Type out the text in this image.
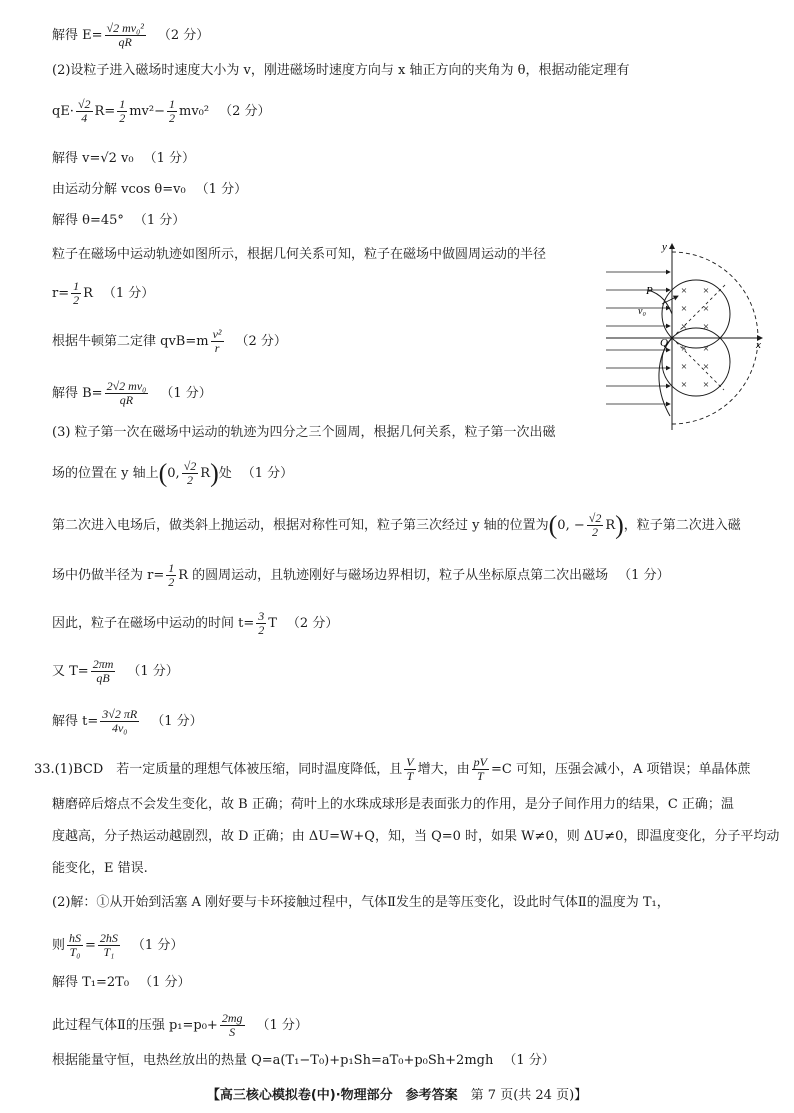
解得 $E= \frac{\text{√2 mv₀²}}{qR} (2$ 分）
(2)设粒子进入磁场时速度大小为 v，刚进磁场时速度方向与 x 轴正方向的夹角为 θ，根据动能定理有
$qE\cdot \frac{√2}{4} R= \frac{1}{2} mv^2- \frac{1}{2} mv_0^2$ （2 分）
解得 v=√2 v₀ （1 分）
由运动分解 vcos θ=v₀ （1 分）
解得 θ=45° （1 分）
粒子在磁场中运动轨迹如图所示，根据几何关系可知，粒子在磁场中做圆周运动的半径
$r= \frac{1}{2}$ R （1 分）
根据牛顿第二定律 $qvB=m \frac{\text{v²}}{r} (2$ 分）
解得 $B= \frac{\text{2√2 mv₀}}{qR} (1$ 分）
(3) 粒子第一次在磁场中运动的轨迹为四分之三个圆周，根据几何关系，粒子第一次出磁
场的位置在 y 轴上(0, $\frac{√2}{2} R$)处 （1 分）
第二次进入电场后，做类斜上抛运动，根据对称性可知，粒子第三次经过 y 轴的位置为(0, − $\frac{√2}{2} R$)，粒子第二次进入磁
场中仍做半径为 $r= \frac{1}{2}$ R 的圆周运动，且轨迹刚好与磁场边界相切，粒子从坐标原点第二次出磁场 （1 分）
因此，粒子在磁场中运动的时间 $t= \frac{3}{2}$ T （2 分）
又 $T= \frac{2\pi m}{qB} (1$ 分）
解得 $t= \frac{3√2 \pi R}{\text{4v₀}} (1$ 分）
33.(1)BCD　若一定质量的理想气体被压缩，同时温度降低，且 $\frac{V}{T}$ 增大，由 $\frac{pV}{T} =C$ 可知，压强会减小，A 项错误；单晶体蔗
糖磨碎后熔点不会发生变化，故 B 正确；荷叶上的水珠成球形是表面张力的作用，是分子间作用力的结果，C 正确；温
度越高，分子热运动越剧烈，故 D 正确；由 ΔU=W+Q，知，当 Q=0 时，如果 W≠0，则 ΔU≠0，即温度变化，分子平均动
能变化，E 错误.
(2)解：①从开始到活塞 A 刚好要与卡环接触过程中，气体Ⅱ发生的是等压变化，设此时气体Ⅱ的温度为 T₁，
则 $\frac{hS}{\text{T₀}} = \frac{2hS}{\text{T₁}} (1$ 分）
解得 T₁=2T₀ （1 分）
此过程气体Ⅱ的压强 $p_1=p_0+ \frac{2mg}{S} (1$ 分）
根据能量守恒，电热丝放出的热量 Q=a(T₁−T₀)+p₁Sh=aT₀+p₀Sh+2mgh （1 分）
y
x
× ×
× ×
× ×
× ×
× ×
× ×
P
Q
v₀
【高三核心模拟卷(中)·物理部分　参考答案　 第 7 页(共 24 页)】
